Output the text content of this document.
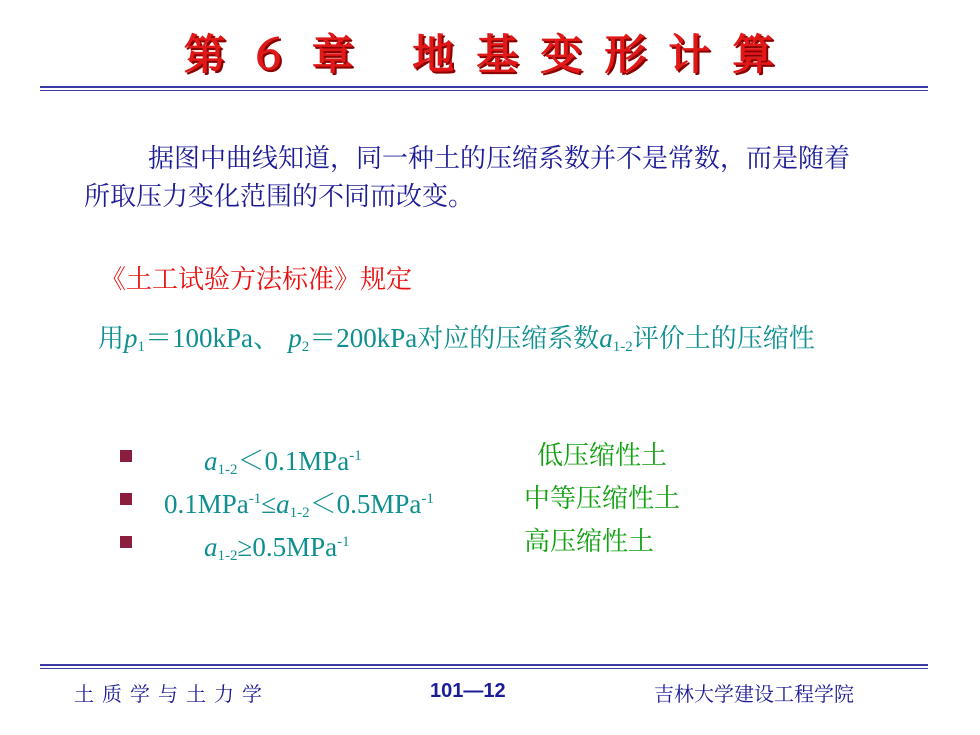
第６章 地基变形计算
据图中曲线知道，同一种土的压缩系数并不是常数，而是随着所取压力变化范围的不同而改变。
《土工试验方法标准》规定
用$p_1=100kPa$、 $p_2=200kPa$对应的压缩系数$a_{1-2}$评价土的压缩性
$a_{1-2}<0.1MPa^{-1}$	低压缩性土
$0.1MPa^{-1}\le a_{1-2}<0.5MPa^{-1}$	中等压缩性土
$a_{1-2}\ge 0.5MPa^{-1}$	高压缩性土
土质学与土力学	101—12	吉林大学建设工程学院
